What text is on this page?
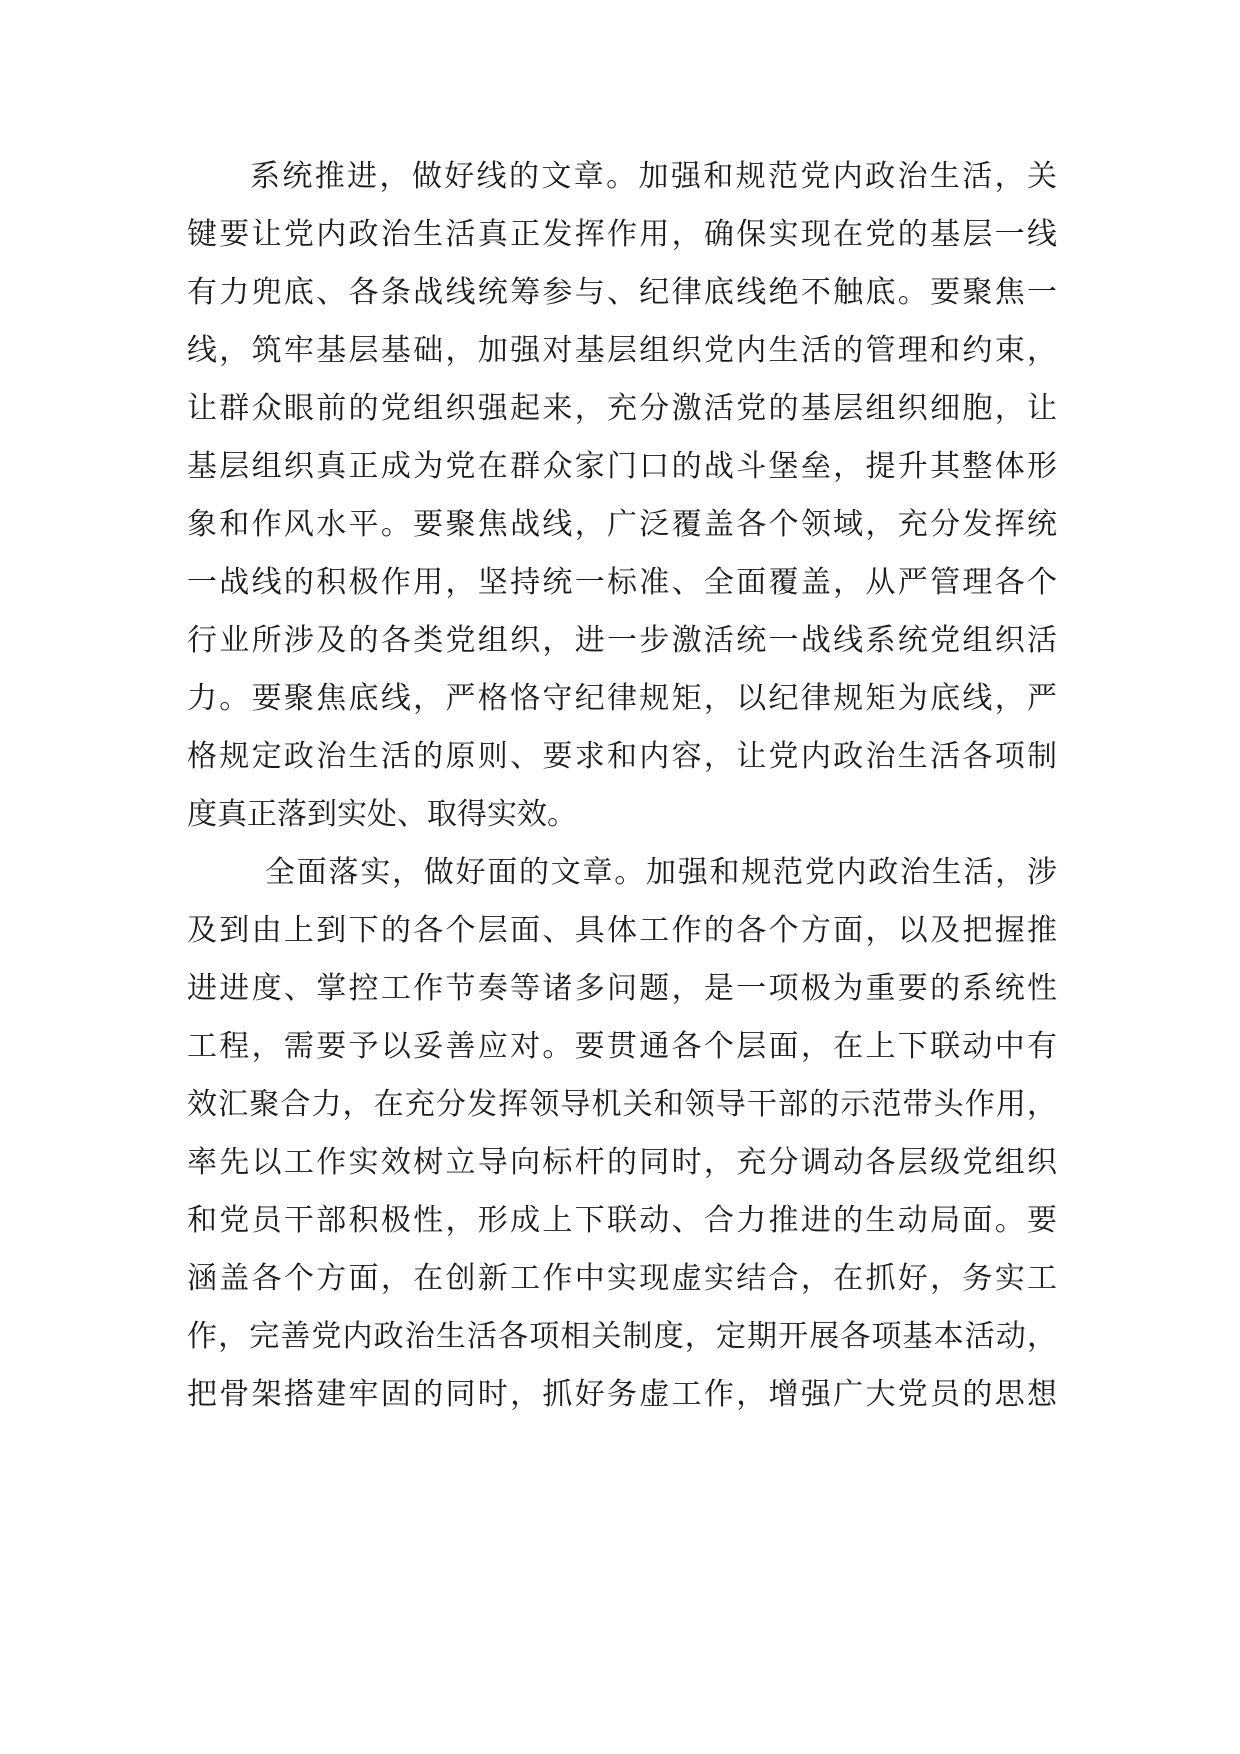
系统推进，做好线的文章。加强和规范党内政治生活，关
键要让党内政治生活真正发挥作用，确保实现在党的基层一线
有力兜底、各条战线统筹参与、纪律底线绝不触底。要聚焦一
线，筑牢基层基础，加强对基层组织党内生活的管理和约束，
让群众眼前的党组织强起来，充分激活党的基层组织细胞，让
基层组织真正成为党在群众家门口的战斗堡垒，提升其整体形
象和作风水平。要聚焦战线，广泛覆盖各个领域，充分发挥统
一战线的积极作用，坚持统一标准、全面覆盖，从严管理各个
行业所涉及的各类党组织，进一步激活统一战线系统党组织活
力。要聚焦底线，严格恪守纪律规矩，以纪律规矩为底线，严
格规定政治生活的原则、要求和内容，让党内政治生活各项制
度真正落到实处、取得实效。
全面落实，做好面的文章。加强和规范党内政治生活，涉
及到由上到下的各个层面、具体工作的各个方面，以及把握推
进进度、掌控工作节奏等诸多问题，是一项极为重要的系统性
工程，需要予以妥善应对。要贯通各个层面，在上下联动中有
效汇聚合力，在充分发挥领导机关和领导干部的示范带头作用，
率先以工作实效树立导向标杆的同时，充分调动各层级党组织
和党员干部积极性，形成上下联动、合力推进的生动局面。要
涵盖各个方面，在创新工作中实现虚实结合，在抓好，务实工
作，完善党内政治生活各项相关制度，定期开展各项基本活动，
把骨架搭建牢固的同时，抓好务虚工作，增强广大党员的思想
